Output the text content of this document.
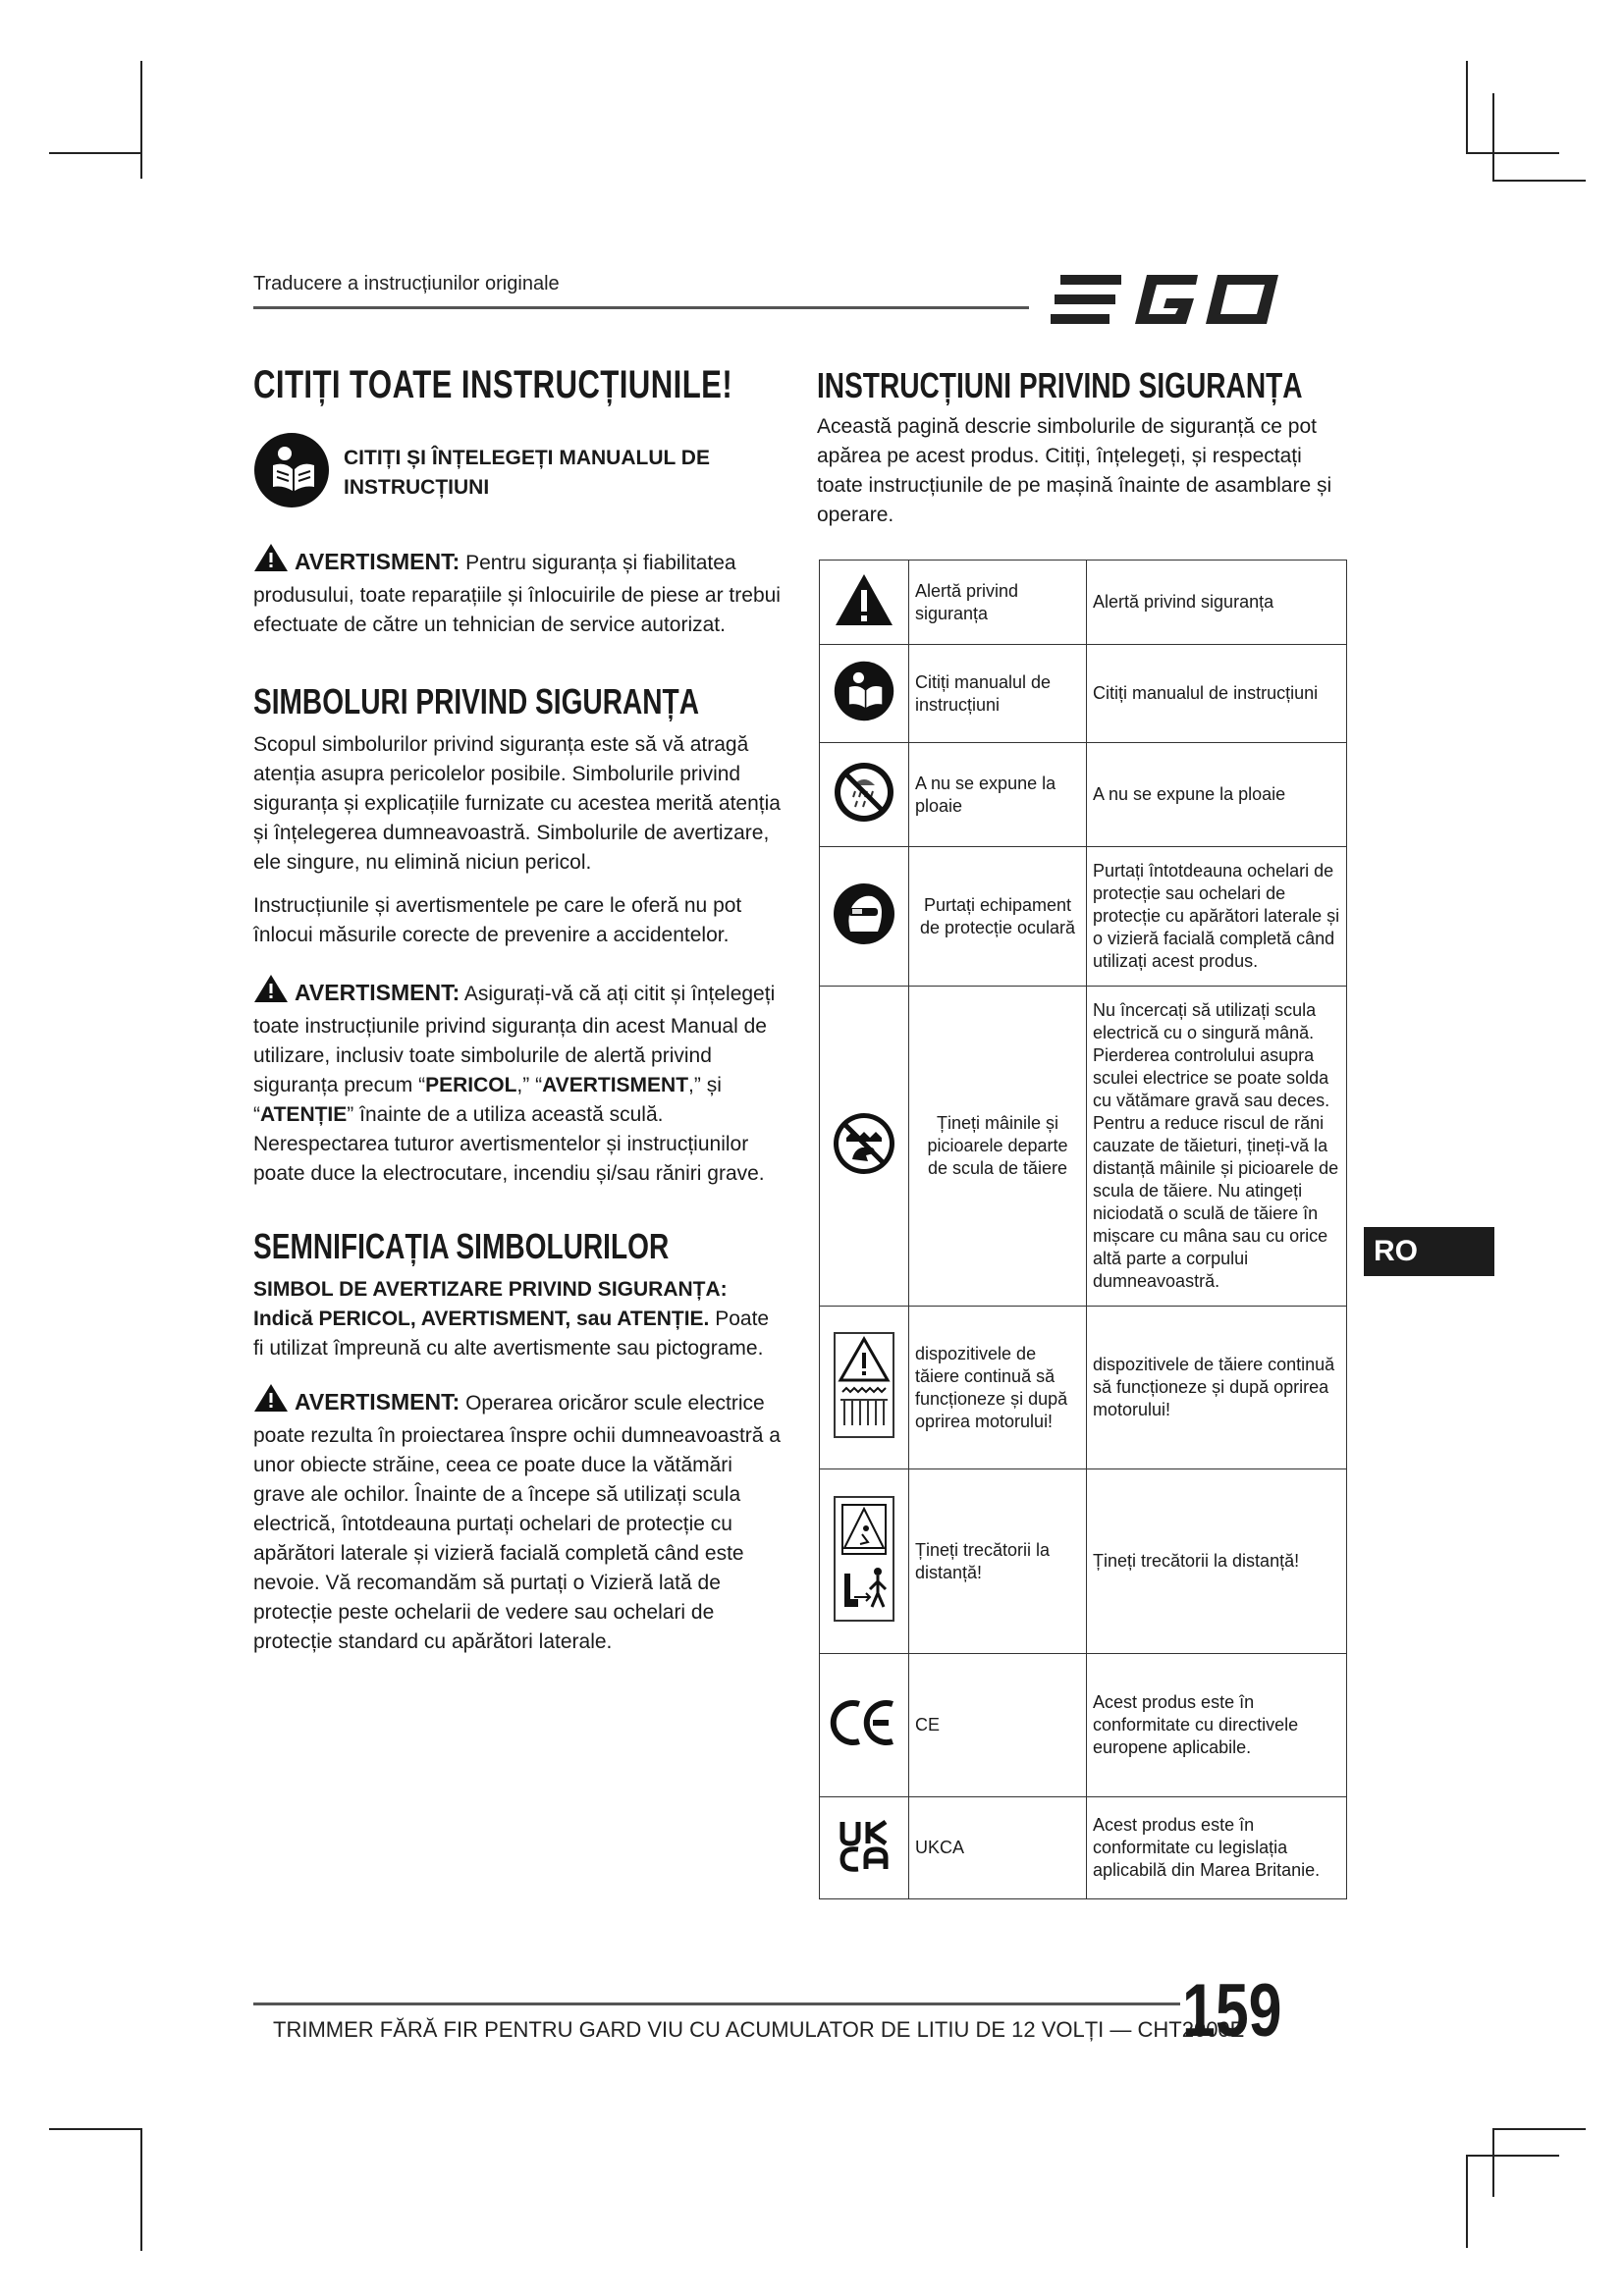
Traducere a instrucțiunilor originale
CITIȚI TOATE INSTRUCȚIUNILE!
CITIȚI ȘI ÎNȚELEGEȚI MANUALUL DE INSTRUCȚIUNI

AVERTISMENT: Pentru siguranța și fiabilitatea produsului, toate reparațiile și înlocuirile de piese ar trebui efectuate de către un tehnician de service autorizat.

SIMBOLURI PRIVIND SIGURANȚA

Scopul simbolurilor privind siguranța este să vă atragă atenția asupra pericolelor posibile. Simbolurile privind siguranța și explicațiile furnizate cu acestea merită atenția și înțelegerea dumneavoastră. Simbolurile de avertizare, ele singure, nu elimină niciun pericol.

Instrucțiunile și avertismentele pe care le oferă nu pot înlocui măsurile corecte de prevenire a accidentelor.

AVERTISMENT: Asigurați-vă că ați citit și înțelegeți toate instrucțiunile privind siguranța din acest Manual de utilizare, inclusiv toate simbolurile de alertă privind siguranța precum “PERICOL,” “AVERTISMENT,” și “ATENȚIE” înainte de a utiliza această sculă. Nerespectarea tuturor avertismentelor și instrucțiunilor poate duce la electrocutare, incendiu și/sau răniri grave.

SEMNIFICAȚIA SIMBOLURILOR

SIMBOL DE AVERTIZARE PRIVIND SIGURANȚA: Indică PERICOL, AVERTISMENT, sau ATENȚIE. Poate fi utilizat împreună cu alte avertismente sau pictograme.

AVERTISMENT: Operarea oricăror scule electrice poate rezulta în proiectarea înspre ochii dumneavoastră a unor obiecte străine, ceea ce poate duce la vătămări grave ale ochilor. Înainte de a începe să utilizați scula electrică, întotdeauna purtați ochelari de protecție cu apărători laterale și vizieră facială completă când este nevoie. Vă recomandăm să purtați o Vizieră lată de protecție peste ochelarii de vedere sau ochelari de protecție standard cu apărători laterale.

INSTRUCȚIUNI PRIVIND SIGURANȚA

Această pagină descrie simbolurile de siguranță ce pot apărea pe acest produs. Citiți, înțelegeți, și respectați toate instrucțiunile de pe mașină înainte de asamblare și operare.

	Alertă privind siguranța	Alertă privind siguranța
	Citiți manualul de instrucțiuni	Citiți manualul de instrucțiuni
	A nu se expune la ploaie	A nu se expune la ploaie
	Purtați echipament de protecție oculară	Purtați întotdeauna ochelari de protecție sau ochelari de protecție cu apărători laterale și o vizieră facială completă când utilizați acest produs.
	Țineți mâinile și picioarele departe de scula de tăiere	Nu încercați să utilizați scula electrică cu o singură mână. Pierderea controlului asupra sculei electrice se poate solda cu vătămare gravă sau deces. Pentru a reduce riscul de răni cauzate de tăieturi, țineți-vă la distanță mâinile și picioarele de scula de tăiere. Nu atingeți niciodată o sculă de tăiere în mișcare cu mâna sau cu orice altă parte a corpului dumneavoastră.
	dispozitivele de tăiere continuă să funcționeze și după oprirea motorului!	dispozitivele de tăiere continuă să funcționeze și după oprirea motorului!
	Țineți trecătorii la distanță!	Țineți trecătorii la distanță!
	CE	Acest produs este în conformitate cu directivele europene aplicabile.
	UKCA	Acest produs este în conformitate cu legislația aplicabilă din Marea Britanie.
RO
TRIMMER FĂRĂ FIR PENTRU GARD VIU CU ACUMULATOR DE LITIU DE 12 VOLȚI — CHT2000E
159
